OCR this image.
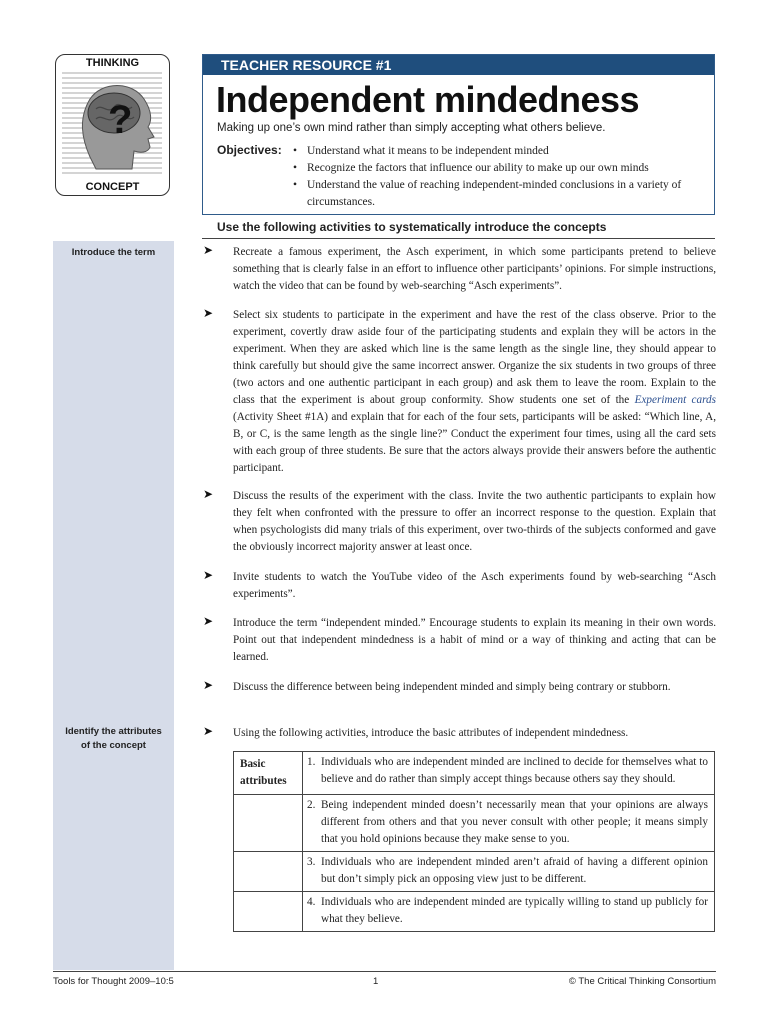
THINKING
?
CONCEPT
TEACHER RESOURCE #1
Independent mindedness
Making up one’s own mind rather than simply accepting what others believe.
Objectives:	• Understand what it means to be independent minded
• Recognize the factors that influence our ability to make up our own minds
• Understand the value of reaching independent-minded conclusions in a variety of circumstances.
Use the following activities to systematically introduce the concepts
Introduce the term
Identify the attributes
of the concept
➤ Recreate a famous experiment, the Asch experiment, in which some participants pretend to believe something that is clearly false in an effort to influence other participants’ opinions. For simple instructions, watch the video that can be found by web-searching “Asch experiments”.
➤ Select six students to participate in the experiment and have the rest of the class observe. Prior to the experiment, covertly draw aside four of the participating students and explain they will be actors in the experiment. When they are asked which line is the same length as the single line, they should appear to think carefully but should give the same incorrect answer. Organize the six students in two groups of three (two actors and one authentic participant in each group) and ask them to leave the room. Explain to the class that the experiment is about group conformity. Show students one set of the Experiment cards (Activity Sheet #1A) and explain that for each of the four sets, participants will be asked: “Which line, A, B, or C, is the same length as the single line?” Conduct the experiment four times, using all the card sets with each group of three students. Be sure that the actors always provide their answers before the authentic participant.
➤ Discuss the results of the experiment with the class. Invite the two authentic participants to explain how they felt when confronted with the pressure to offer an incorrect response to the question. Explain that when psychologists did many trials of this experiment, over two-thirds of the subjects conformed and gave the obviously incorrect majority answer at least once.
➤ Invite students to watch the YouTube video of the Asch experiments found by web-searching “Asch experiments”.
➤ Introduce the term “independent minded.” Encourage students to explain its meaning in their own words. Point out that independent mindedness is a habit of mind or a way of thinking and acting that can be learned.
➤ Discuss the difference between being independent minded and simply being contrary or stubborn.
➤ Using the following activities, introduce the basic attributes of independent mindedness.
Basic
attributes	1. Individuals who are independent minded are inclined to decide for themselves what to believe and do rather than simply accept things because others say they should.

	2. Being independent minded doesn’t necessarily mean that your opinions are always different from others and that you never consult with other people; it means simply that you hold opinions because they make sense to you.

	3. Individuals who are independent minded aren’t afraid of having a different opinion but don’t simply pick an opposing view just to be different.

	4. Individuals who are independent minded are typically willing to stand up publicly for what they believe.
Tools for Thought 2009–10:5	1	© The Critical Thinking Consortium
